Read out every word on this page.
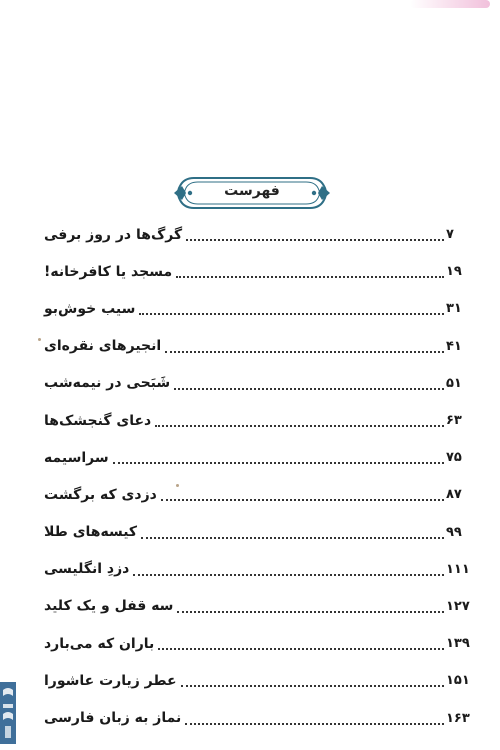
فهرست
گرگ‌ها در روز برفی	۷
مسجد یا کافرخانه!	۱۹
سیب خوش‌بو	۳۱
انجیرهای نقره‌ای	۴۱
شَبَحی در نیمه‌شب	۵۱
دعای گنجشک‌ها	۶۳
سراسیمه	۷۵
دزدی که برگشت	۸۷
کیسه‌های طلا	۹۹
دزدِ انگلیسی	۱۱۱
سه قفل و یک کلید	۱۲۷
باران که می‌بارد	۱۳۹
عطر زیارت عاشورا	۱۵۱
نماز به زبان فارسی	۱۶۳
